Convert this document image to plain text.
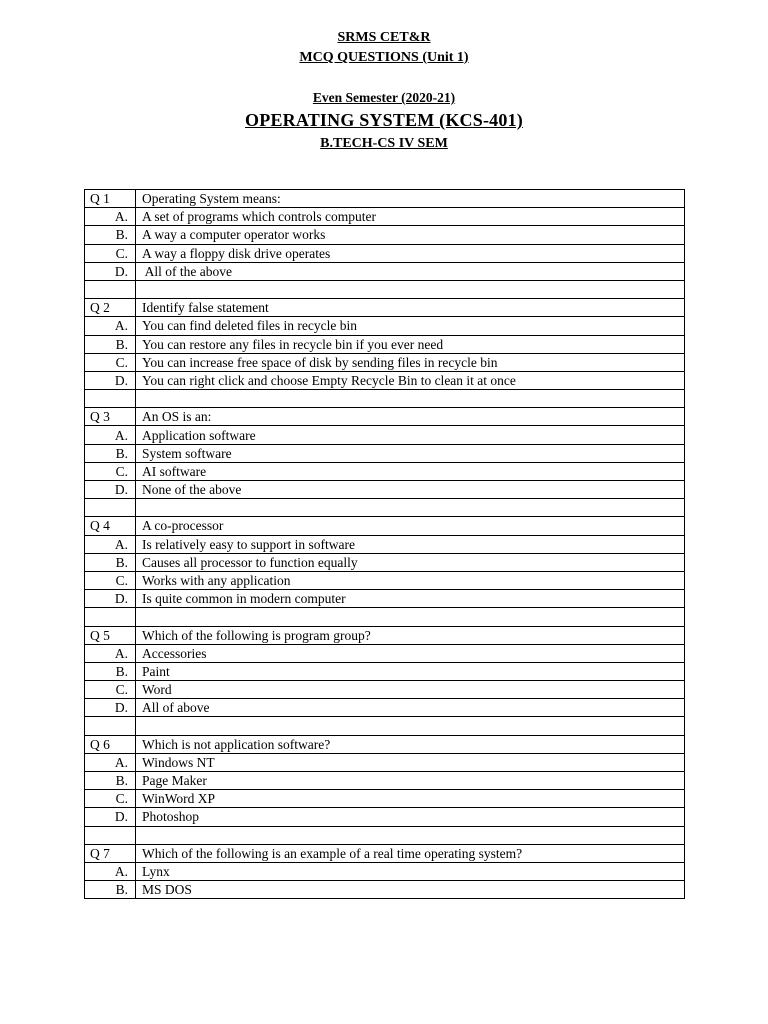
SRMS CET&R
MCQ QUESTIONS (Unit 1)
Even Semester (2020-21)
OPERATING SYSTEM (KCS-401)
B.TECH-CS IV SEM
Q 1	Operating System means:
A.	A set of programs which controls computer
B.	A way a computer operator works
C.	A way a floppy disk drive operates
D.	All of the above

Q 2	Identify false statement
A.	You can find deleted files in recycle bin
B.	You can restore any files in recycle bin if you ever need
C.	You can increase free space of disk by sending files in recycle bin
D.	You can right click and choose Empty Recycle Bin to clean it at once

Q 3	An OS is an:
A.	Application software
B.	System software
C.	AI software
D.	None of the above

Q 4	A co-processor
A.	Is relatively easy to support in software
B.	Causes all processor to function equally
C.	Works with any application
D.	Is quite common in modern computer

Q 5	Which of the following is program group?
A.	Accessories
B.	Paint
C.	Word
D.	All of above

Q 6	Which is not application software?
A.	Windows NT
B.	Page Maker
C.	WinWord XP
D.	Photoshop

Q 7	Which of the following is an example of a real time operating system?
A.	Lynx
B.	MS DOS
